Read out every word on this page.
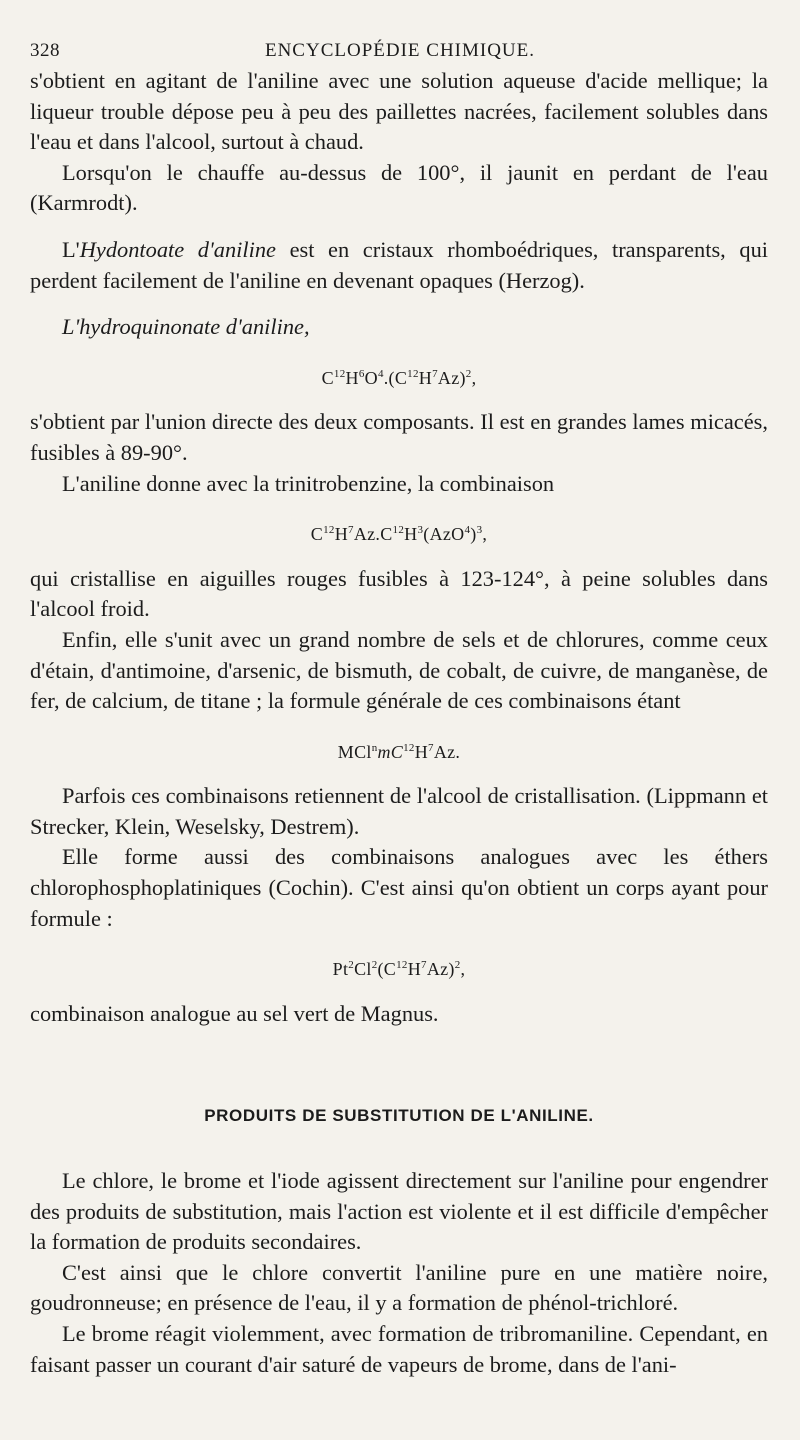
328	ENCYCLOPÉDIE CHIMIQUE.

s'obtient en agitant de l'aniline avec une solution aqueuse d'acide mellique; la liqueur trouble dépose peu à peu des paillettes nacrées, facilement solubles dans l'eau et dans l'alcool, surtout à chaud.

Lorsqu'on le chauffe au-dessus de 100°, il jaunit en perdant de l'eau (Karmrodt).

L'Hydontoate d'aniline est en cristaux rhomboédriques, transparents, qui perdent facilement de l'aniline en devenant opaques (Herzog).

L'hydroquinonate d'aniline,

$C^{12}H^6O^4.(C^{12}H^7Az)^2$,

s'obtient par l'union directe des deux composants. Il est en grandes lames micacés, fusibles à 89-90°.

L'aniline donne avec la trinitrobenzine, la combinaison

$C^{12}H^7Az.C^{12}H^3(AzO^4)^3$,

qui cristallise en aiguilles rouges fusibles à 123-124°, à peine solubles dans l'alcool froid.

Enfin, elle s'unit avec un grand nombre de sels et de chlorures, comme ceux d'étain, d'antimoine, d'arsenic, de bismuth, de cobalt, de cuivre, de manganèse, de fer, de calcium, de titane ; la formule générale de ces combinaisons étant

$MCl^nmC^{12}H^7Az$.

Parfois ces combinaisons retiennent de l'alcool de cristallisation. (Lippmann et Strecker, Klein, Weselsky, Destrem).

Elle forme aussi des combinaisons analogues avec les éthers chlorophosphoplatiniques (Cochin). C'est ainsi qu'on obtient un corps ayant pour formule :

$Pt^2Cl^2(C^{12}H^7Az)^2$,

combinaison analogue au sel vert de Magnus.

PRODUITS DE SUBSTITUTION DE L'ANILINE.

Le chlore, le brome et l'iode agissent directement sur l'aniline pour engendrer des produits de substitution, mais l'action est violente et il est difficile d'empêcher la formation de produits secondaires.

C'est ainsi que le chlore convertit l'aniline pure en une matière noire, goudronneuse; en présence de l'eau, il y a formation de phénol-trichloré.

Le brome réagit violemment, avec formation de tribromaniline. Cependant, en faisant passer un courant d'air saturé de vapeurs de brome, dans de l'ani-
